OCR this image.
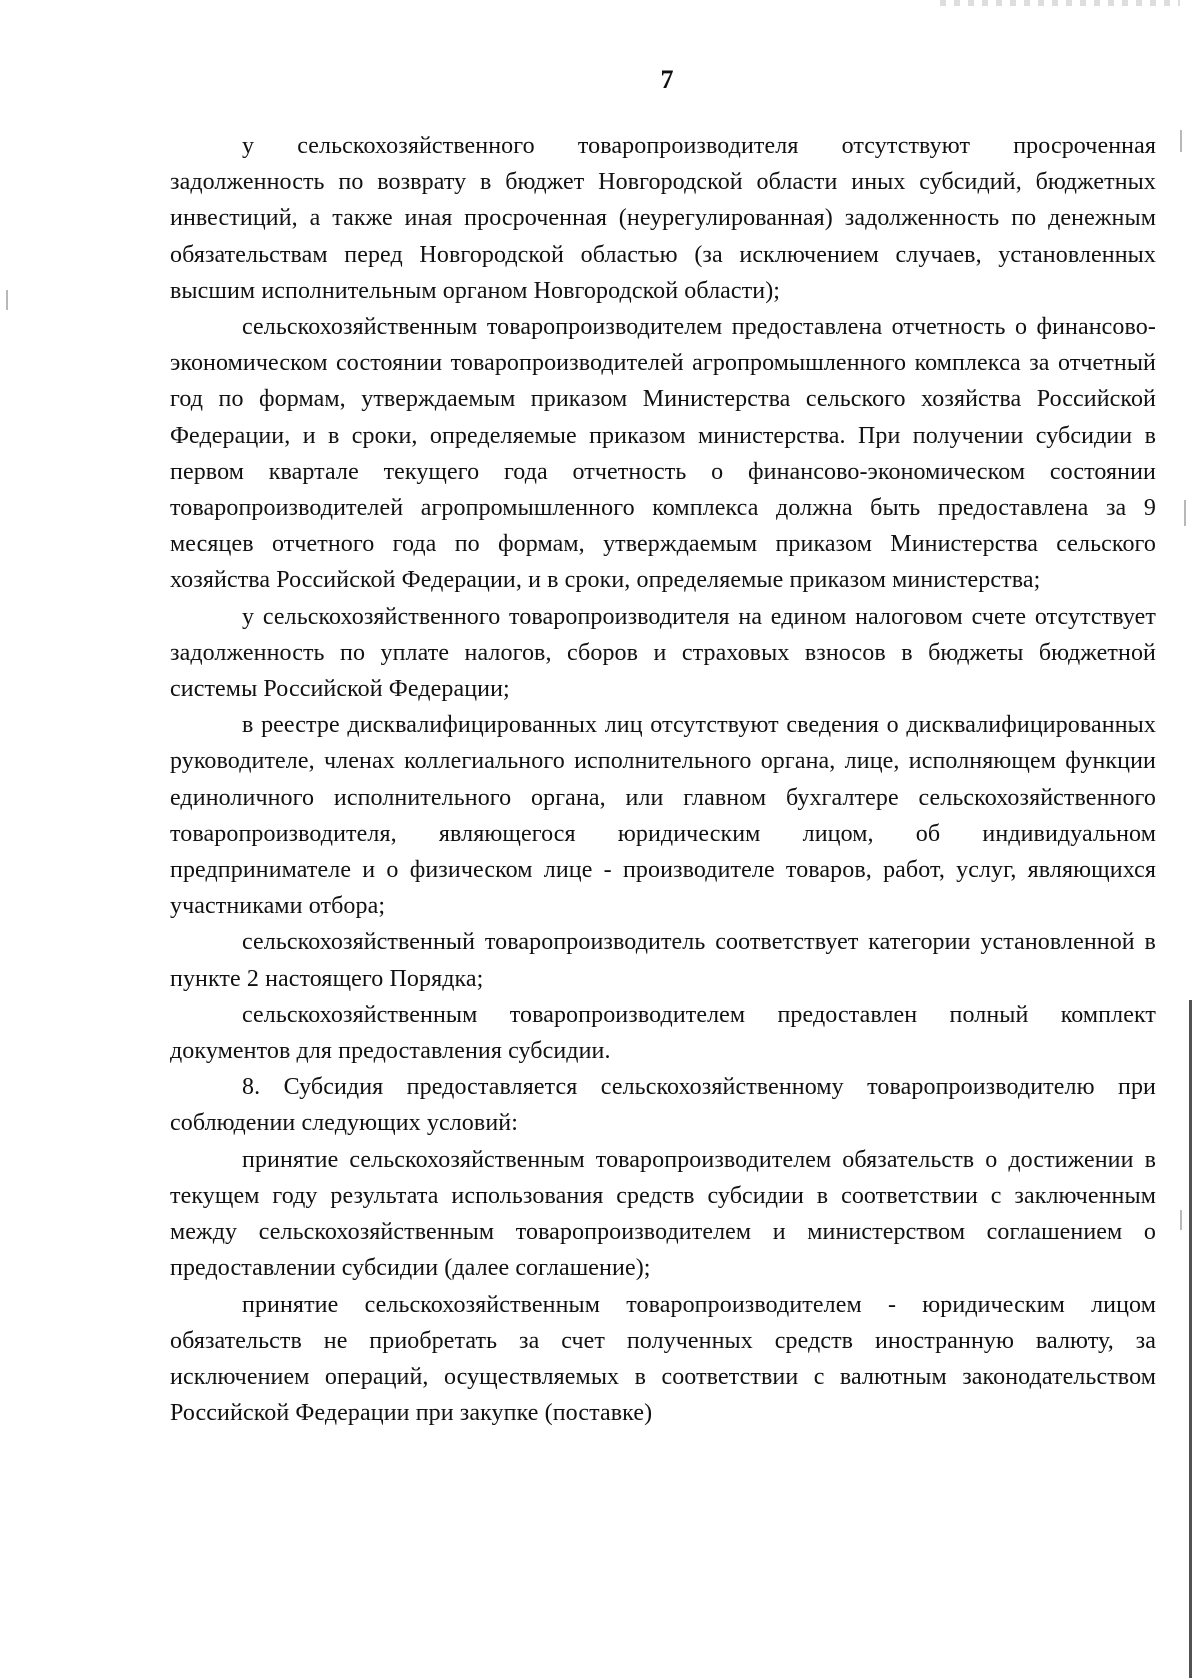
7

у сельскохозяйственного товаропроизводителя отсутствуют просроченная задолженность по возврату в бюджет Новгородской области иных субсидий, бюджетных инвестиций, а также иная просроченная (неурегулированная) задолженность по денежным обязательствам перед Новгородской областью (за исключением случаев, установленных высшим исполнительным органом Новгородской области);

сельскохозяйственным товаропроизводителем предоставлена отчетность о финансово-экономическом состоянии товаропроизводителей агропромышленного комплекса за отчетный год по формам, утверждаемым приказом Министерства сельского хозяйства Российской Федерации, и в сроки, определяемые приказом министерства. При получении субсидии в первом квартале текущего года отчетность о финансово-экономическом состоянии товаропроизводителей агропромышленного комплекса должна быть предоставлена за 9 месяцев отчетного года по формам, утверждаемым приказом Министерства сельского хозяйства Российской Федерации, и в сроки, определяемые приказом министерства;

у сельскохозяйственного товаропроизводителя на едином налоговом счете отсутствует задолженность по уплате налогов, сборов и страховых взносов в бюджеты бюджетной системы Российской Федерации;

в реестре дисквалифицированных лиц отсутствуют сведения о дисквалифицированных руководителе, членах коллегиального исполнительного органа, лице, исполняющем функции единоличного исполнительного органа, или главном бухгалтере сельскохозяйственного товаропроизводителя, являющегося юридическим лицом, об индивидуальном предпринимателе и о физическом лице - производителе товаров, работ, услуг, являющихся участниками отбора;

сельскохозяйственный товаропроизводитель соответствует категории установленной в пункте 2 настоящего Порядка;

сельскохозяйственным товаропроизводителем предоставлен полный комплект документов для предоставления субсидии.

8. Субсидия предоставляется сельскохозяйственному товаропроизводителю при соблюдении следующих условий:

принятие сельскохозяйственным товаропроизводителем обязательств о достижении в текущем году результата использования средств субсидии в соответствии с заключенным между сельскохозяйственным товаропроизводителем и министерством соглашением о предоставлении субсидии (далее соглашение);

принятие сельскохозяйственным товаропроизводителем - юридическим лицом обязательств не приобретать за счет полученных средств иностранную валюту, за исключением операций, осуществляемых в соответствии с валютным законодательством Российской Федерации при закупке (поставке)
